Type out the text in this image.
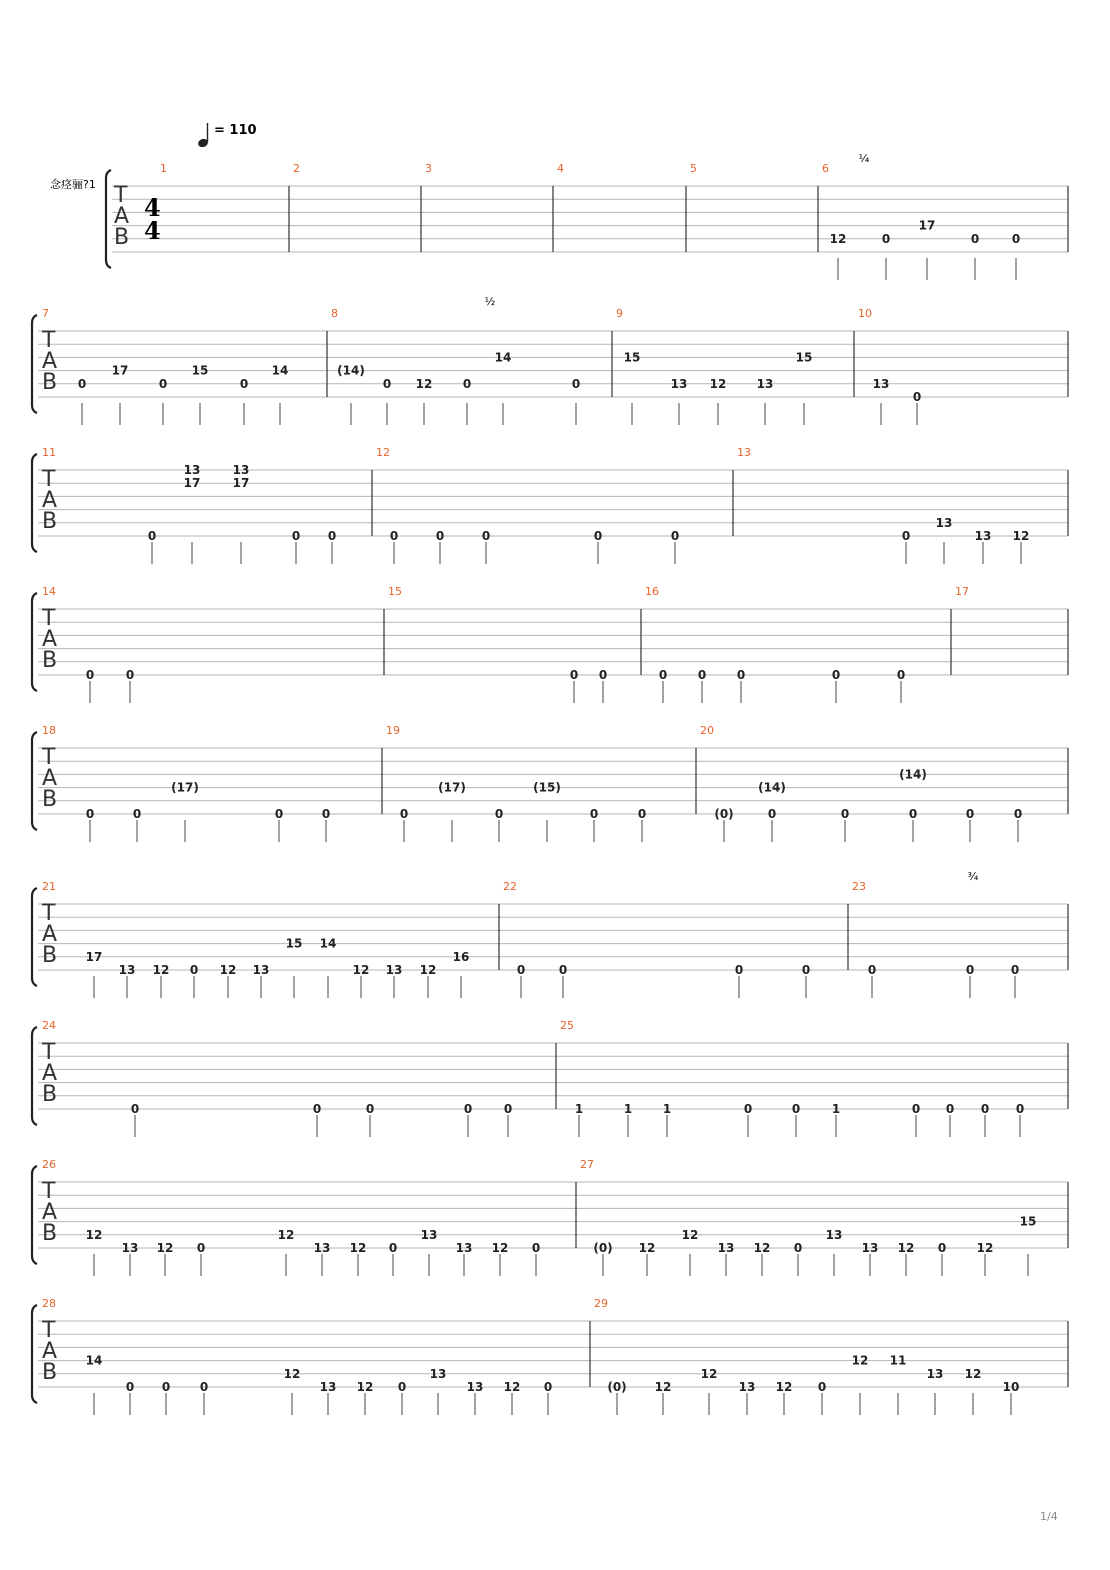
= 110
念痉骊?1 T
A
B
4
4
1	2	3	4	5	6
12	0
17
0	0
¼
T
A
B
7
0
17
0
15
0
14
8
(14)
0 12	0
14
0
½
9
15
13 12	13
15
10
13
0
T
A
B
11
0
13
17
13
17
0 0
12
0	0	0	0	0
13
0
13
13 12
T
A
B
14
0	0
15
0 0
16
0	0	0	0	0
17
T
A
B
18
0	0
(17)
0	0
19
0
(17)
0
(15)
0	0
20
(0)
(14)
0	0
(14)
0	0	0
T
A
B
21
17
13 12 0 12 13
15 14
12 13 12
16
22
0	0	0	0
23
0	0	0
¾
T
A
B
24
0	0	0	0	0
25
1	1	1	0	0	1	0 0 0 0
T
A
B
26
12
13 12 0
12
13 12 0
13
13 12 0
27
(0) 12
12
13 12 0
13
13 12 0	12
15
T
A
B
28
14
0 0 0
12
13 12 0
13
13 12 0
29
(0) 12
12
13 12 0
12 11
13 12
10
1/4
